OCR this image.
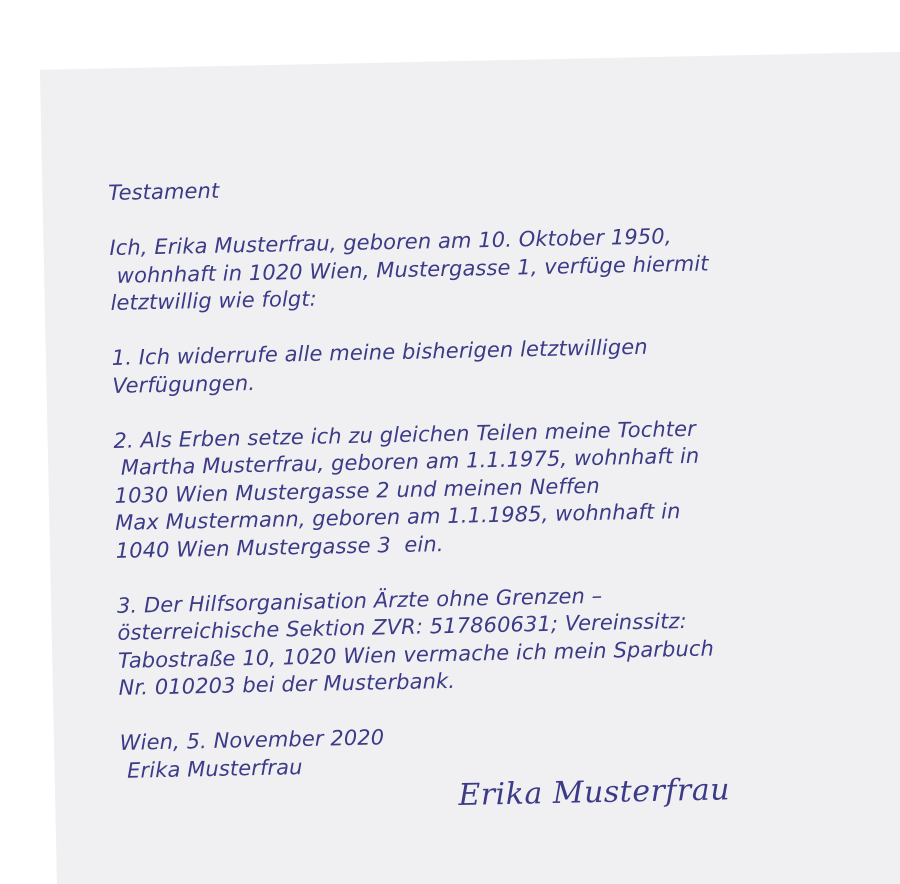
Testament
Ich, Erika Musterfrau, geboren am 10. Oktober 1950,
wohnhaft in 1020 Wien, Mustergasse 1, verfüge hiermit
letztwillig wie folgt:
1. Ich widerrufe alle meine bisherigen letztwilligen
Verfügungen.
2. Als Erben setze ich zu gleichen Teilen meine Tochter
Martha Musterfrau, geboren am 1.1.1975, wohnhaft in
1030 Wien Mustergasse 2 und meinen Neffen
Max Mustermann, geboren am 1.1.1985, wohnhaft in
1040 Wien Mustergasse 3  ein.
3. Der Hilfsorganisation Ärzte ohne Grenzen –
österreichische Sektion ZVR: 517860631; Vereinssitz:
Tabostraße 10, 1020 Wien vermache ich mein Sparbuch
Nr. 010203 bei der Musterbank.
Wien, 5. November 2020
Erika Musterfrau
Erika Musterfrau
